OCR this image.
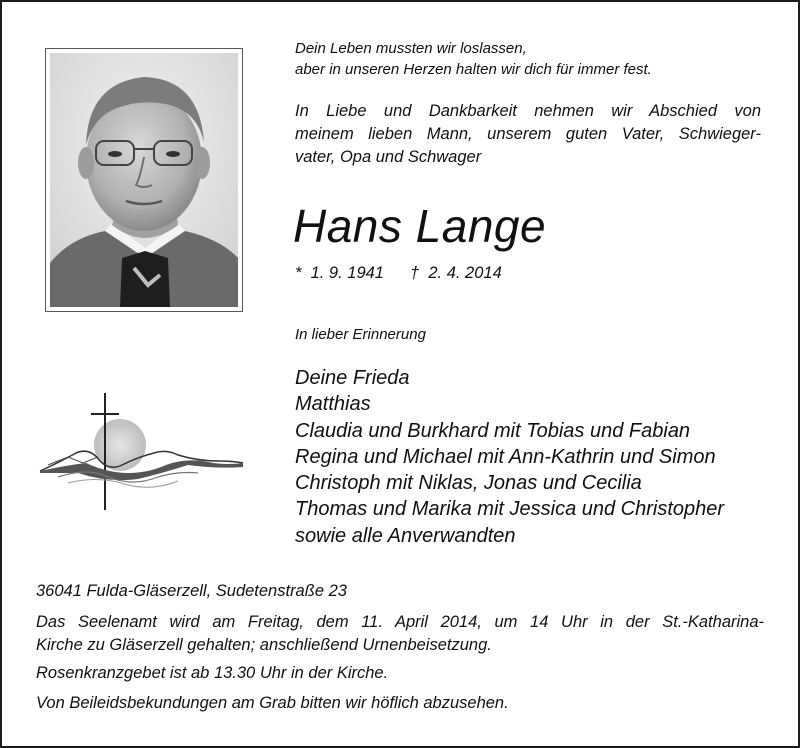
Dein Leben mussten wir loslassen,
aber in unseren Herzen halten wir dich für immer fest.
In Liebe und Dankbarkeit nehmen wir Abschied von
meinem lieben Mann, unserem guten Vater, Schwieger-
vater, Opa und Schwager
Hans Lange
*  1. 9. 1941 †  2. 4. 2014
In lieber Erinnerung
Deine Frieda
Matthias
Claudia und Burkhard mit Tobias und Fabian
Regina und Michael mit Ann-Kathrin und Simon
Christoph mit Niklas, Jonas und Cecilia
Thomas und Marika mit Jessica und Christopher
sowie alle Anverwandten
36041 Fulda-Gläserzell, Sudetenstraße 23
Das Seelenamt wird am Freitag, dem 11. April 2014, um 14 Uhr in der St.-Katharina-
Kirche zu Gläserzell gehalten; anschließend Urnenbeisetzung.
Rosenkranzgebet ist ab 13.30 Uhr in der Kirche.
Von Beileidsbekundungen am Grab bitten wir höflich abzusehen.
